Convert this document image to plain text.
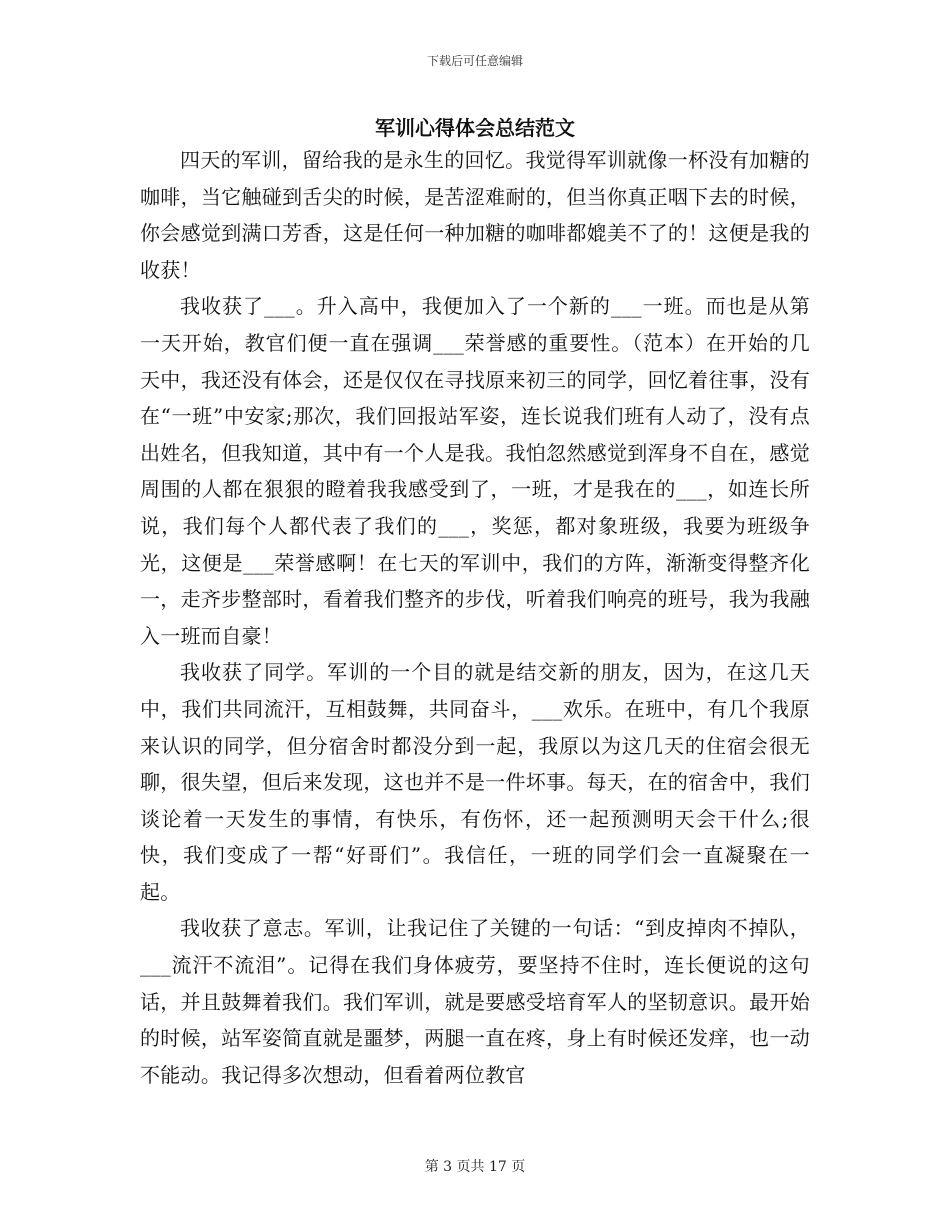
下载后可任意编辑
军训心得体会总结范文

四天的军训，留给我的是永生的回忆。我觉得军训就像一杯没有加糖的咖啡，当它触碰到舌尖的时候，是苦涩难耐的，但当你真正咽下去的时候，你会感觉到满口芳香，这是任何一种加糖的咖啡都媲美不了的！这便是我的收获！

我收获了___。升入高中，我便加入了一个新的___一班。而也是从第一天开始，教官们便一直在强调___荣誉感的重要性。（范本）在开始的几天中，我还没有体会，还是仅仅在寻找原来初三的同学，回忆着往事，没有在“一班”中安家;那次，我们回报站军姿，连长说我们班有人动了，没有点出姓名，但我知道，其中有一个人是我。我怕忽然感觉到浑身不自在，感觉周围的人都在狠狠的瞪着我我感受到了，一班，才是我在的___，如连长所说，我们每个人都代表了我们的___，奖惩，都对象班级，我要为班级争光，这便是___荣誉感啊！在七天的军训中，我们的方阵，渐渐变得整齐化一，走齐步整部时，看着我们整齐的步伐，听着我们响亮的班号，我为我融入一班而自豪！

我收获了同学。军训的一个目的就是结交新的朋友，因为，在这几天中，我们共同流汗，互相鼓舞，共同奋斗，___欢乐。在班中，有几个我原来认识的同学，但分宿舍时都没分到一起，我原以为这几天的住宿会很无聊，很失望，但后来发现，这也并不是一件坏事。每天，在的宿舍中，我们谈论着一天发生的事情，有快乐，有伤怀，还一起预测明天会干什么;很快，我们变成了一帮“好哥们”。我信任，一班的同学们会一直凝聚在一起。

我收获了意志。军训，让我记住了关键的一句话：“到皮掉肉不掉队，___流汗不流泪”。记得在我们身体疲劳，要坚持不住时，连长便说的这句话，并且鼓舞着我们。我们军训，就是要感受培育军人的坚韧意识。最开始的时候，站军姿简直就是噩梦，两腿一直在疼，身上有时候还发痒，也一动不能动。我记得多次想动，但看着两位教官

第 3 页共 17 页
